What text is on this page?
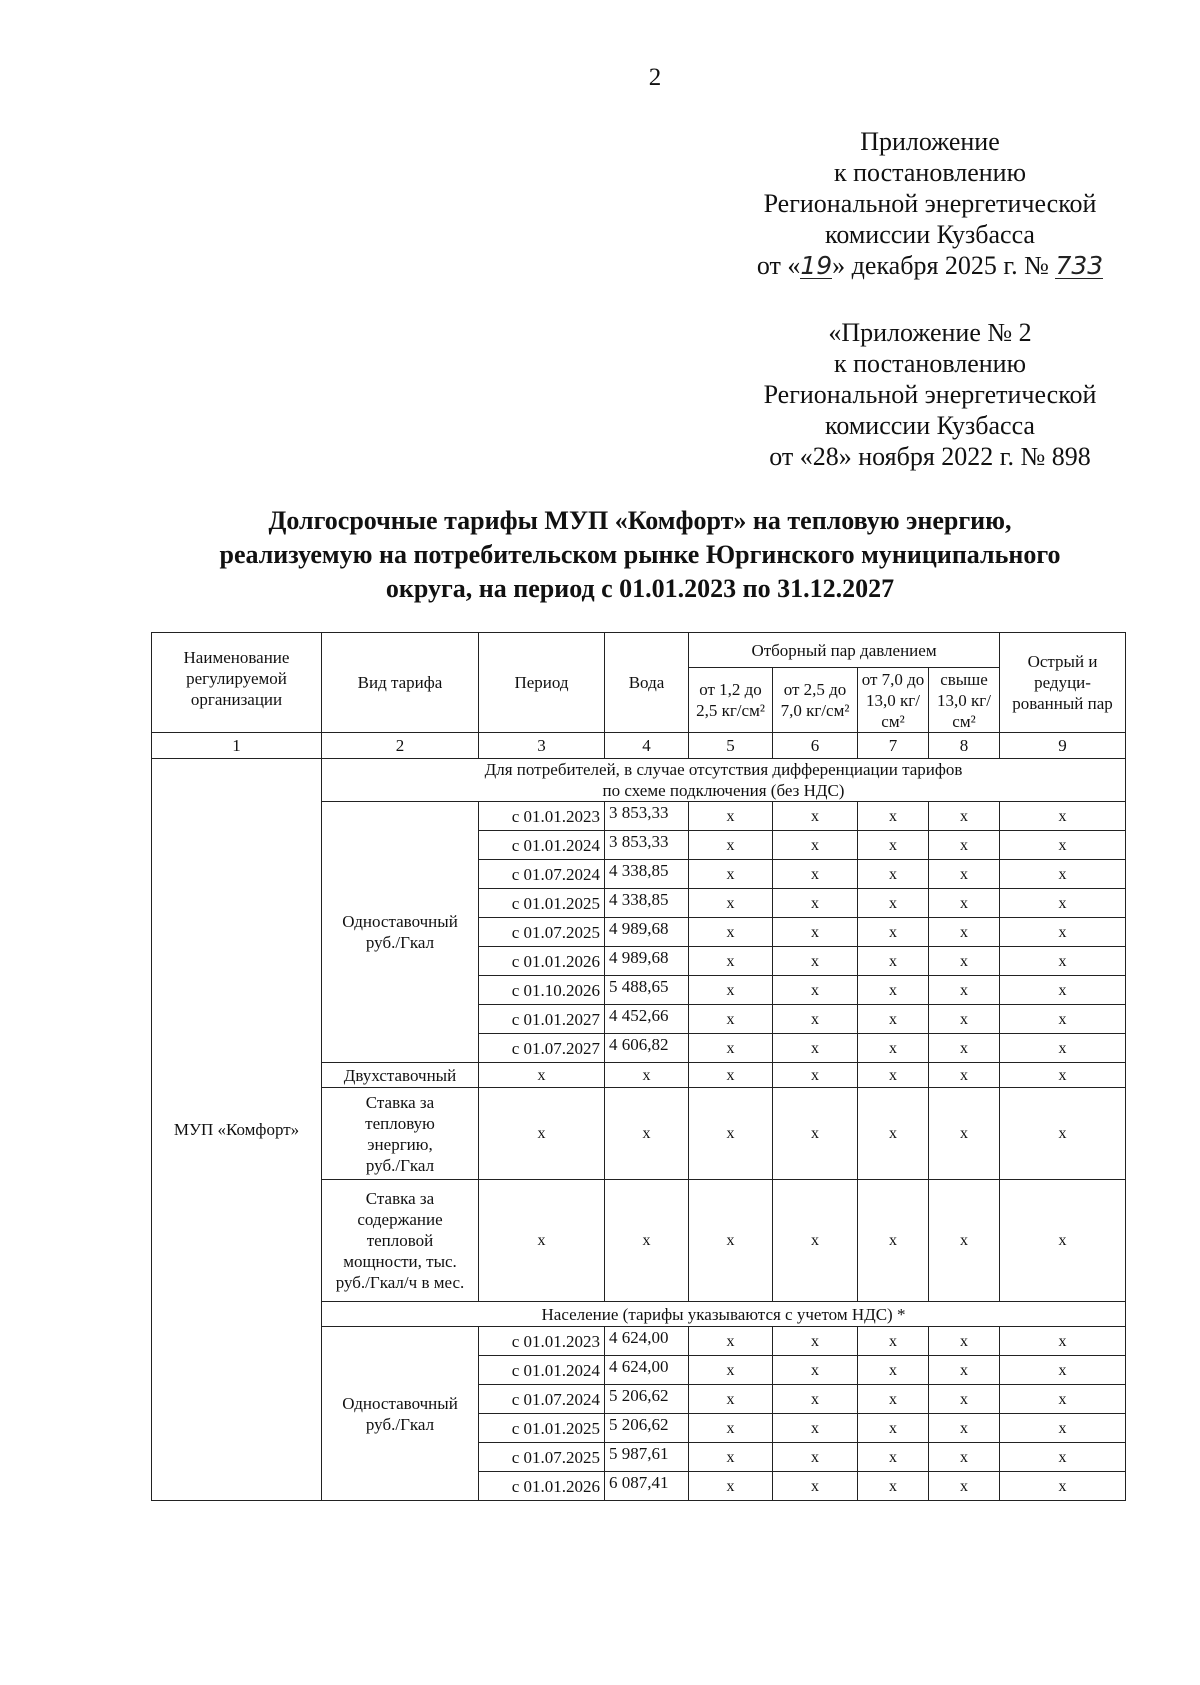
2
Приложение
к постановлению
Региональной энергетической
комиссии Кузбасса
от «19» декабря 2025 г. № 733
«Приложение № 2
к постановлению
Региональной энергетической
комиссии Кузбасса
от «28» ноября 2022 г. № 898
Долгосрочные тарифы МУП «Комфорт» на тепловую энергию,
реализуемую на потребительском рынке Юргинского муниципального
округа, на период с 01.01.2023 по 31.12.2027
Наименование регулируемой организации	Вид тарифа	Период	Вода	Отборный пар давлением				Острый и редуци-рованный пар
				от 1,2 до 2,5 кг/см²	от 2,5 до 7,0 кг/см²	от 7,0 до 13,0 кг/см²	свыше 13,0 кг/см²	
1	2	3	4	5	6	7	8	9
МУП «Комфорт»	Для потребителей, в случае отсутствия дифференциации тарифов
по схеме подключения (без НДС)							
	Одноставочный
руб./Гкал	с 01.01.2023	3 853,33	x	x	x	x	x
		с 01.01.2024	3 853,33	x	x	x	x	x
		с 01.07.2024	4 338,85	x	x	x	x	x
		с 01.01.2025	4 338,85	x	x	x	x	x
		с 01.07.2025	4 989,68	x	x	x	x	x
		с 01.01.2026	4 989,68	x	x	x	x	x
		с 01.10.2026	5 488,65	x	x	x	x	x
		с 01.01.2027	4 452,66	x	x	x	x	x
		с 01.07.2027	4 606,82	x	x	x	x	x
	Двухставочный	x	x	x	x	x	x	x
	Ставка за
тепловую
энергию,
руб./Гкал	x	x	x	x	x	x	x
	Ставка за
содержание
тепловой
мощности, тыс.
руб./Гкал/ч в мес.	x	x	x	x	x	x	x
	Население (тарифы указываются с учетом НДС) *							
	Одноставочный
руб./Гкал	с 01.01.2023	4 624,00	x	x	x	x	x
		с 01.01.2024	4 624,00	x	x	x	x	x
		с 01.07.2024	5 206,62	x	x	x	x	x
		с 01.01.2025	5 206,62	x	x	x	x	x
		с 01.07.2025	5 987,61	x	x	x	x	x
		с 01.01.2026	6 087,41	x	x	x	x	x
